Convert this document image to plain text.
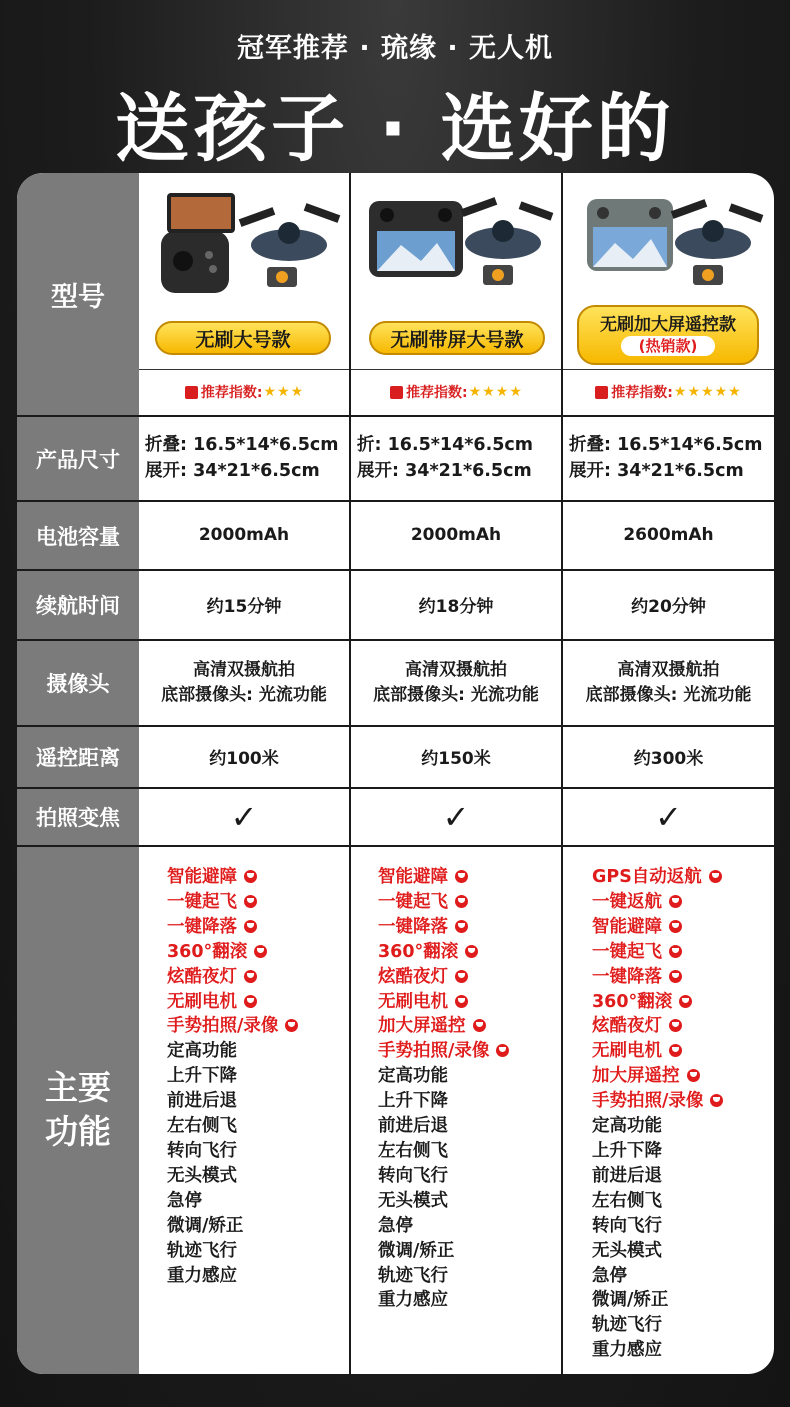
冠军推荐 · 琉缘 · 无人机
送孩子 · 选好的
型号
产品尺寸
电池容量
续航时间
摄像头
遥控距离
拍照变焦
主要
功能
无刷大号款
推荐指数: ★ ★ ★
折叠: 16.5*14*6.5cm
展开: 34*21*6.5cm
2000mAh
约15分钟
高清双摄航拍
底部摄像头: 光流功能
约100米
✓
智能避障
一键起飞
一键降落
360°翻滚
炫酷夜灯
无刷电机
手势拍照/录像
定高功能
上升下降
前进后退
左右侧飞
转向飞行
无头模式
急停
微调/矫正
轨迹飞行
重力感应
无刷带屏大号款
推荐指数: ★ ★ ★ ★
折: 16.5*14*6.5cm
展开: 34*21*6.5cm
2000mAh
约18分钟
高清双摄航拍
底部摄像头: 光流功能
约150米
✓
智能避障
一键起飞
一键降落
360°翻滚
炫酷夜灯
无刷电机
加大屏遥控
手势拍照/录像
定高功能
上升下降
前进后退
左右侧飞
转向飞行
无头模式
急停
微调/矫正
轨迹飞行
重力感应
无刷加大屏遥控款
(热销款)
推荐指数: ★ ★ ★ ★ ★
折叠: 16.5*14*6.5cm
展开: 34*21*6.5cm
2600mAh
约20分钟
高清双摄航拍
底部摄像头: 光流功能
约300米
✓
GPS自动返航
一键返航
智能避障
一键起飞
一键降落
360°翻滚
炫酷夜灯
无刷电机
加大屏遥控
手势拍照/录像
定高功能
上升下降
前进后退
左右侧飞
转向飞行
无头模式
急停
微调/矫正
轨迹飞行
重力感应
